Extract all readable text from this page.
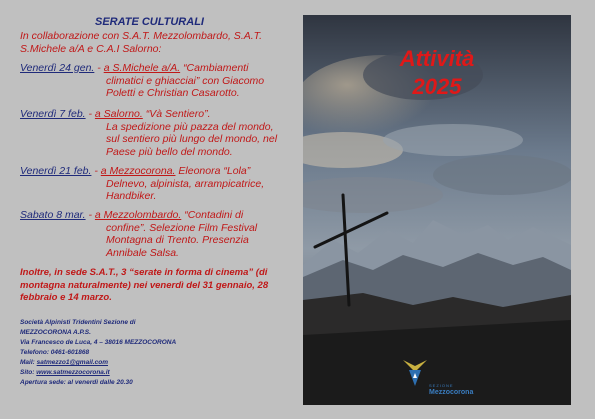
SERATE CULTURALI
In collaborazione con S.A.T. Mezzolombardo, S.A.T. S.Michele a/A e C.A.I Salorno:
Venerdì 24 gen. - a S.Michele a/A. “Cambiamenti
climatici e ghiacciai” con Giacomo
Poletti e Christian Casarotto.
Venerdì 7 feb. - a Salorno. “Và Sentiero”.
La spedizione più pazza del mondo,
sul sentiero più lungo del mondo, nel
Paese più bello del mondo.
Venerdì 21 feb. - a Mezzocorona. Eleonora “Lola”
Delnevo, alpinista, arrampicatrice,
Handbiker.
Sabato 8 mar. - a Mezzolombardo. “Contadini di
confine”. Selezione Film Festival
Montagna di Trento. Presenzia
Annibale Salsa.
Inoltre, in sede S.A.T., 3 “serate in forma di cinema” (di montagna naturalmente) nei venerdì del 31 gennaio, 28 febbraio e 14 marzo.
Società Alpinisti Tridentini Sezione di
MEZZOCORONA A.P.S.
Via Francesco de Luca, 4 – 38016 MEZZOCORONA
Telefono: 0461-601868
Mail: satmezzo1@gmail.com
Sito: www.satmezzocorona.it
Apertura sede: al venerdì dalle 20.30
Attività
2025
SEZIONE
Mezzocorona
